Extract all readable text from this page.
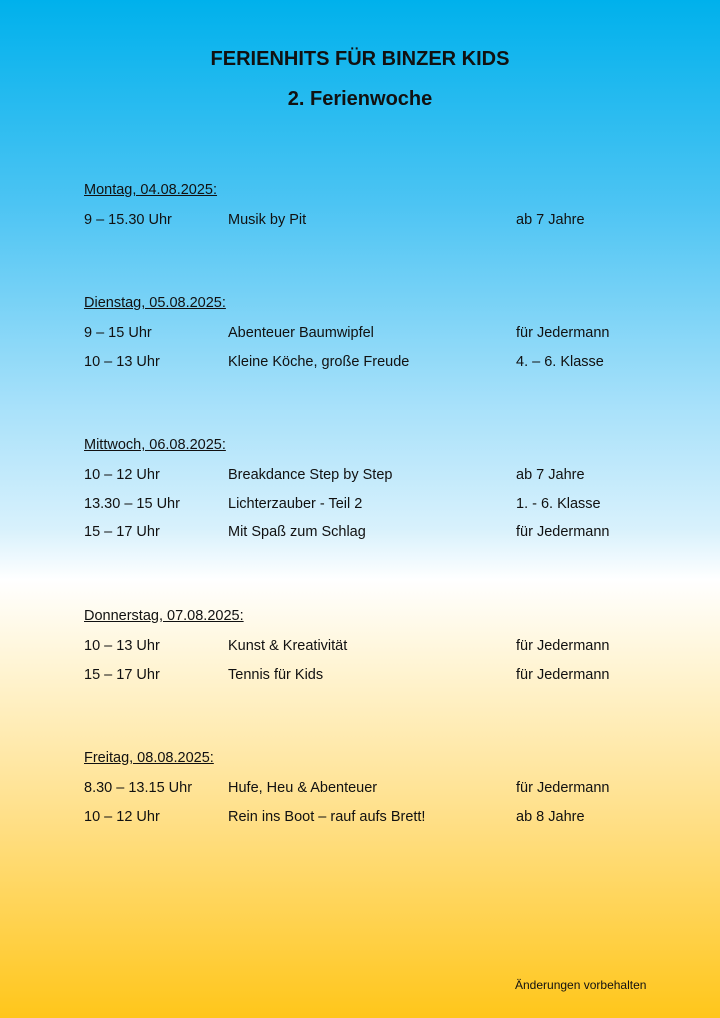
FERIENHITS FÜR BINZER KIDS
2. Ferienwoche
Montag, 04.08.2025:
9 – 15.30 Uhr	Musik by Pit	ab 7 Jahre
Dienstag, 05.08.2025:
9 – 15 Uhr	Abenteuer Baumwipfel	für Jedermann
10 – 13 Uhr	Kleine Köche, große Freude	4. – 6. Klasse
Mittwoch, 06.08.2025:
10 – 12 Uhr	Breakdance Step by Step	ab 7 Jahre
13.30 – 15 Uhr	Lichterzauber - Teil 2	1. - 6. Klasse
15 – 17 Uhr	Mit Spaß zum Schlag	für Jedermann
Donnerstag, 07.08.2025:
10 – 13 Uhr	Kunst & Kreativität	für Jedermann
15 – 17 Uhr	Tennis für Kids	für Jedermann
Freitag, 08.08.2025:
8.30 – 13.15 Uhr Hufe, Heu & Abenteuer	für Jedermann
10 – 12 Uhr	Rein ins Boot – rauf aufs Brett!	ab 8 Jahre
Änderungen vorbehalten
